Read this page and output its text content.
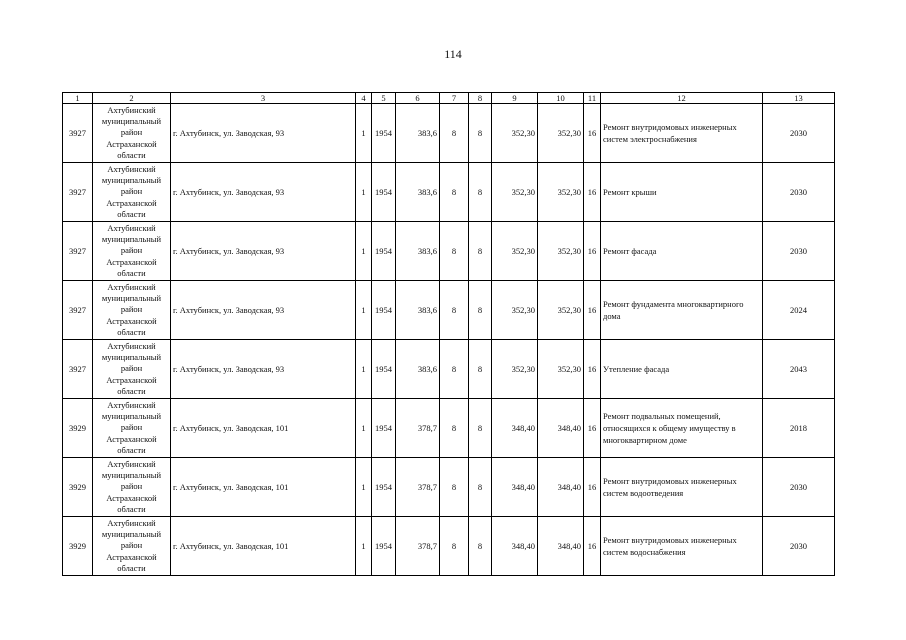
114
1	2	3	4	5	6	7	8	9	10	11	12	13
3927	Ахтубинский муниципальный район Астраханской области	г. Ахтубинск, ул. Заводская, 93	1	1954	383,6	8	8	352,30	352,30	16	Ремонт внутридомовых инженерных систем электроснабжения	2030
3927	Ахтубинский муниципальный район Астраханской области	г. Ахтубинск, ул. Заводская, 93	1	1954	383,6	8	8	352,30	352,30	16	Ремонт крыши	2030
3927	Ахтубинский муниципальный район Астраханской области	г. Ахтубинск, ул. Заводская, 93	1	1954	383,6	8	8	352,30	352,30	16	Ремонт фасада	2030
3927	Ахтубинский муниципальный район Астраханской области	г. Ахтубинск, ул. Заводская, 93	1	1954	383,6	8	8	352,30	352,30	16	Ремонт фундамента многоквартирного дома	2024
3927	Ахтубинский муниципальный район Астраханской области	г. Ахтубинск, ул. Заводская, 93	1	1954	383,6	8	8	352,30	352,30	16	Утепление фасада	2043
3929	Ахтубинский муниципальный район Астраханской области	г. Ахтубинск, ул. Заводская, 101	1	1954	378,7	8	8	348,40	348,40	16	Ремонт подвальных помещений, относящихся к общему имуществу в многоквартирном доме	2018
3929	Ахтубинский муниципальный район Астраханской области	г. Ахтубинск, ул. Заводская, 101	1	1954	378,7	8	8	348,40	348,40	16	Ремонт внутридомовых инженерных систем водоотведения	2030
3929	Ахтубинский муниципальный район Астраханской области	г. Ахтубинск, ул. Заводская, 101	1	1954	378,7	8	8	348,40	348,40	16	Ремонт внутридомовых инженерных систем водоснабжения	2030
